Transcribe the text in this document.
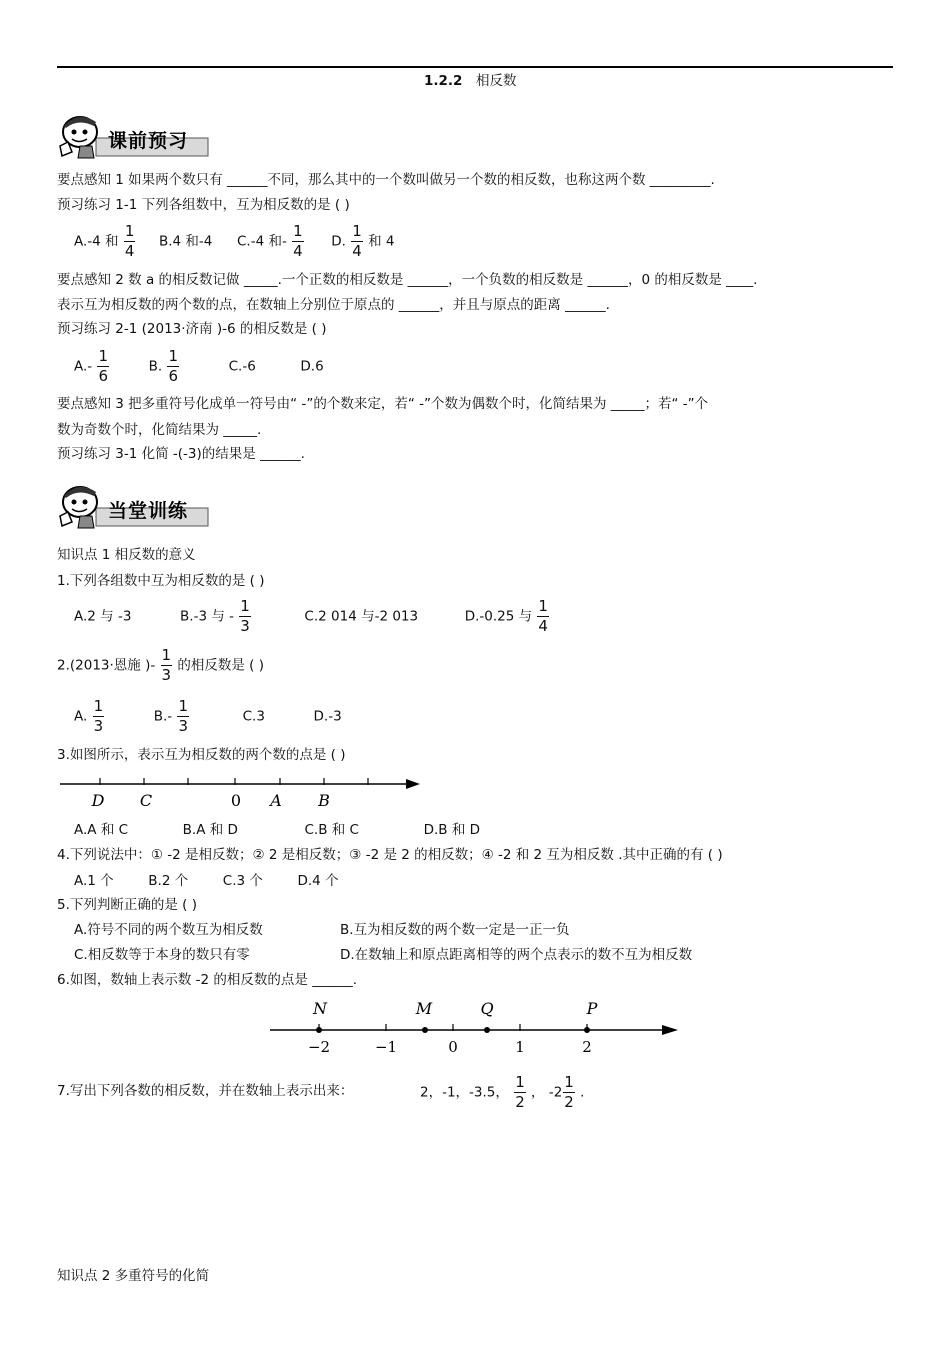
1.2.2 相反数
课前预习
要点感知 1 如果两个数只有 ______不同，那么其中的一个数叫做另一个数的相反数，也称这两个数 _________.
预习练习 1-1 下列各组数中，互为相反数的是 ( )
A.-4 和 $\frac{1}{4} B.4$ 和-4 C.-4 和- $\frac{1}{4} D$. $\frac{1}{4}$ 和 4
要点感知 2 数 a 的相反数记做 _____.一个正数的相反数是 ______，一个负数的相反数是 ______，0 的相反数是 ____.
表示互为相反数的两个数的点，在数轴上分别位于原点的 ______，并且与原点的距离 ______.
预习练习 2-1 (2013·济南 )-6 的相反数是 ( )
$A.- \frac{1}{6}$	B. $\frac{1}{6}$	C.-6	D.6
要点感知 3 把多重符号化成单一符号由“ -”的个数来定，若“ -”个数为偶数个时，化简结果为 _____；若“ -”个
数为奇数个时，化简结果为 _____.
预习练习 3-1 化简 -(-3)的结果是 ______.
当堂训练
知识点 1 相反数的意义
1.下列各组数中互为相反数的是 ( )
A.2 与 -3	B.-3 与 - $\frac{1}{3}$	C.2 014 与-2 013	D.-0.25 与 $\frac{1}{4}$
2.(2013·恩施 )- $\frac{1}{3}$ 的相反数是 ( )
A. $\frac{1}{3}$	$B.- \frac{1}{3}$	C.3	D.-3
3.如图所示，表示互为相反数的两个数的点是 ( )
D C	0 A B
A.A 和 C	B.A 和 D	C.B 和 C	D.B 和 D
4.下列说法中：① -2 是相反数；② 2 是相反数；③ -2 是 2 的相反数；④ -2 和 2 互为相反数 .其中正确的有 ( )
A.1 个	B.2 个	C.3 个	D.4 个
5.下列判断正确的是 ( )
A.符号不同的两个数互为相反数	B.互为相反数的两个数一定是一正一负
C.相反数等于本身的数只有零	D.在数轴上和原点距离相等的两个点表示的数不互为相反数
6.如图，数轴上表示数 -2 的相反数的点是 ______.
N	M	Q	P
−2	−1	0	1	2
7.写出下列各数的相反数，并在数轴上表示出来：	2，-1，-3.5， $\frac{1}{2}$ ， $-2 \frac{1}{2}$ .
知识点 2 多重符号的化简
